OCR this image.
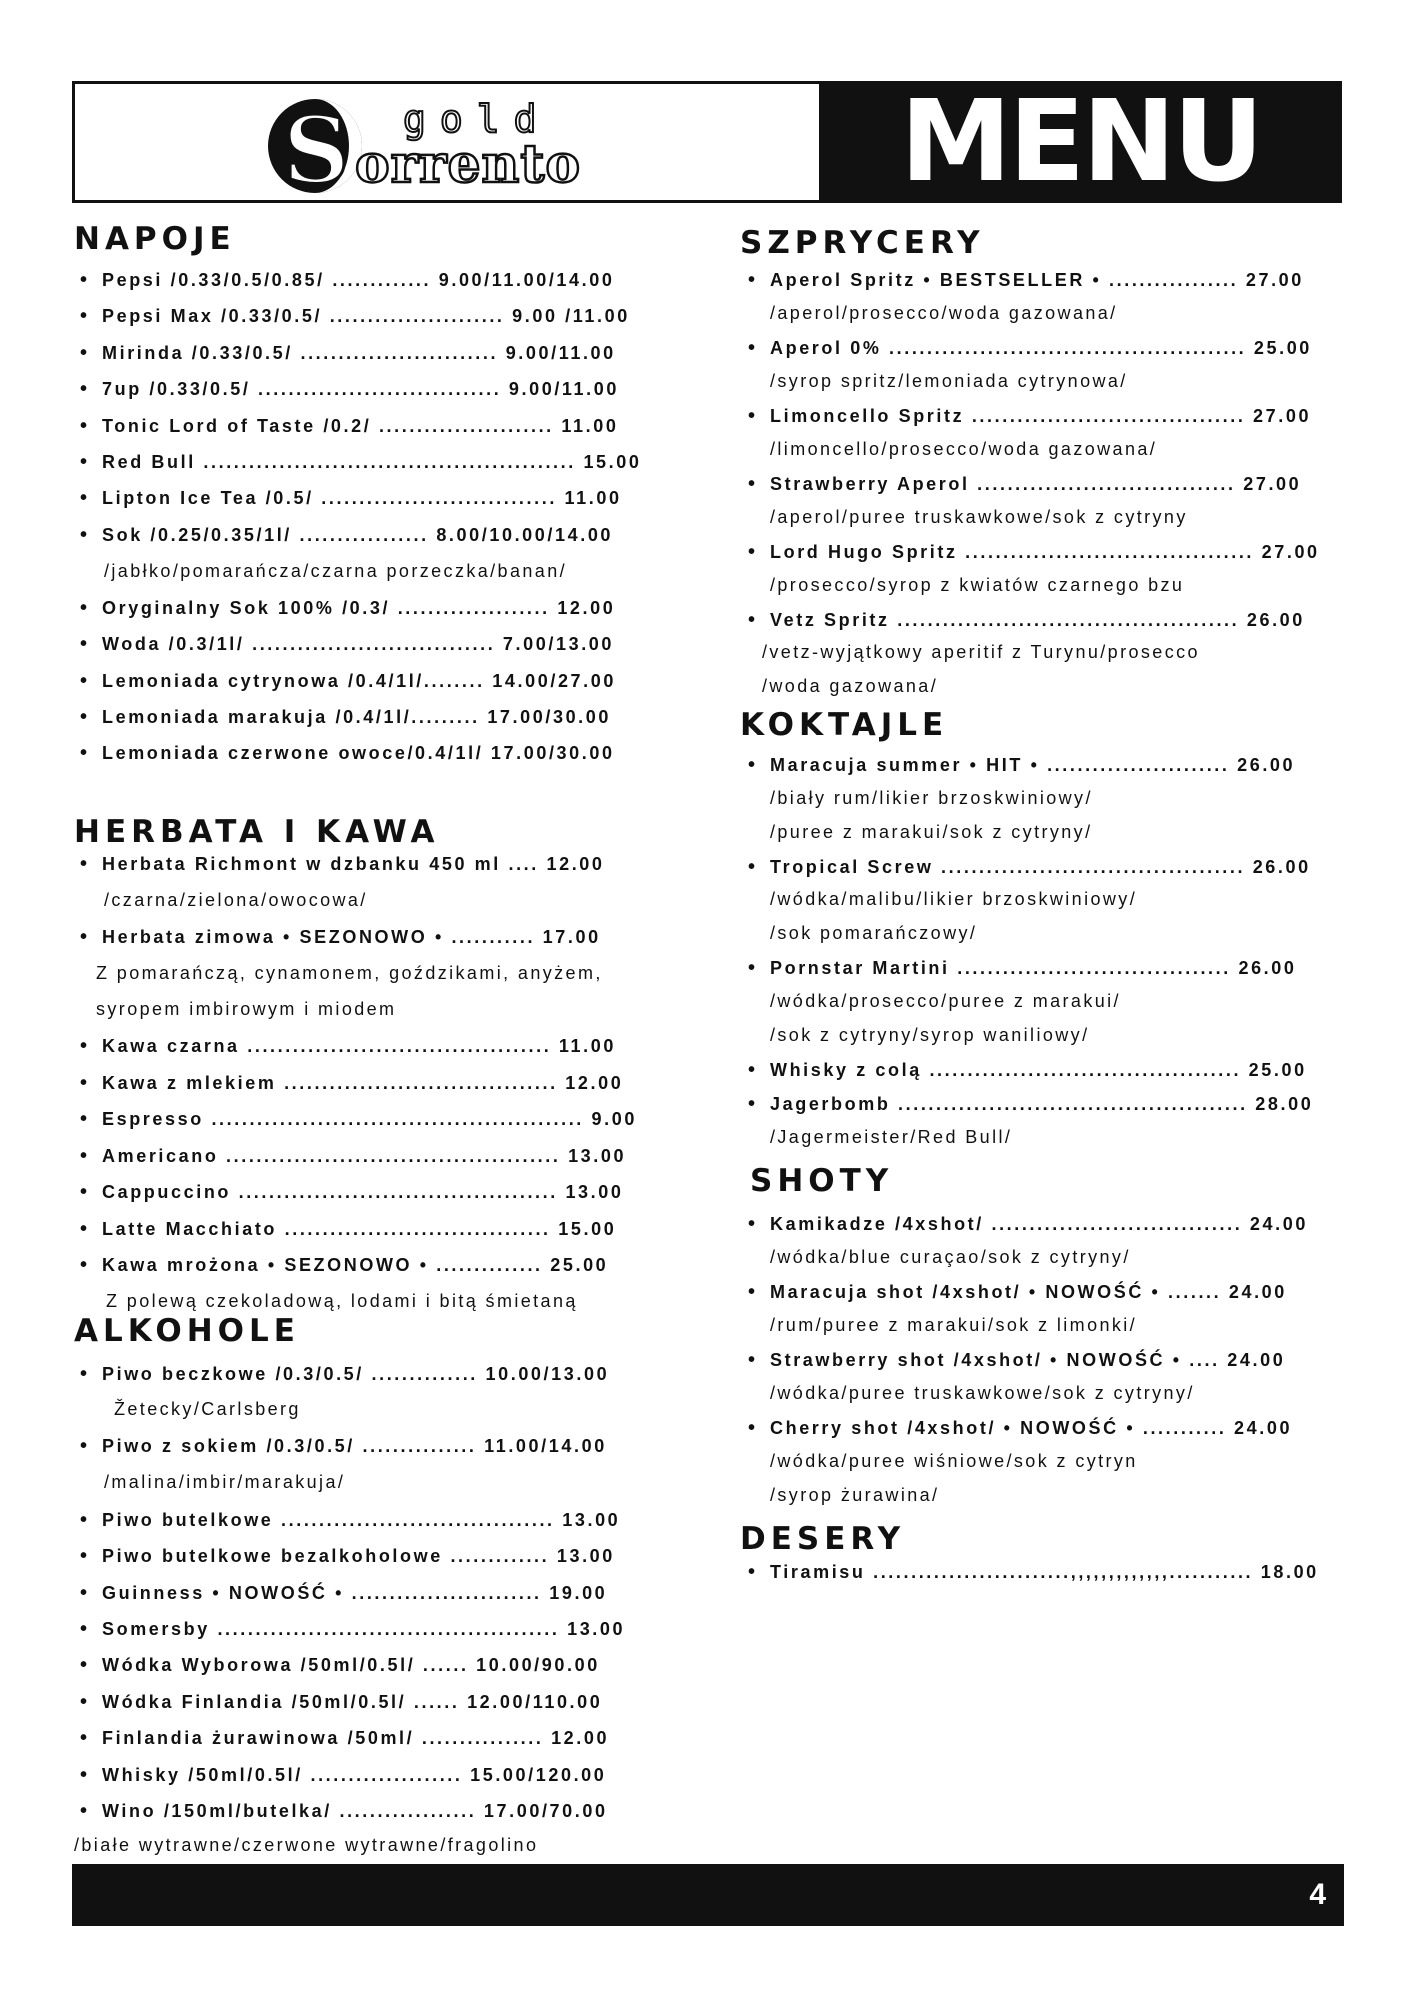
S gold
orrento	MENU
NAPOJE
• Pepsi /0.33/0.5/0.85/ ............. 9.00/11.00/14.00
• Pepsi Max /0.33/0.5/ ....................... 9.00 /11.00
• Mirinda /0.33/0.5/ .......................... 9.00/11.00
• 7up /0.33/0.5/ ................................ 9.00/11.00
• Tonic Lord of Taste /0.2/ ....................... 11.00
• Red Bull ................................................. 15.00
• Lipton Ice Tea /0.5/ ............................... 11.00
• Sok /0.25/0.35/1l/ ................. 8.00/10.00/14.00
/jabłko/pomarańcza/czarna porzeczka/banan/
• Oryginalny Sok 100% /0.3/ .................... 12.00
• Woda /0.3/1l/ ................................ 7.00/13.00
• Lemoniada cytrynowa /0.4/1l/........ 14.00/27.00
• Lemoniada marakuja /0.4/1l/......... 17.00/30.00
• Lemoniada czerwone owoce/0.4/1l/ 17.00/30.00
HERBATA I KAWA
• Herbata Richmont w dzbanku 450 ml .... 12.00
/czarna/zielona/owocowa/
• Herbata zimowa • SEZONOWO • ........... 17.00
Z pomarańczą, cynamonem, goździkami, anyżem,
syropem imbirowym i miodem
• Kawa czarna ........................................ 11.00
• Kawa z mlekiem .................................... 12.00
• Espresso ................................................. 9.00
• Americano ............................................ 13.00
• Cappuccino .......................................... 13.00
• Latte Macchiato ................................... 15.00
• Kawa mrożona • SEZONOWO • .............. 25.00
Z polewą czekoladową, lodami i bitą śmietaną
ALKOHOLE
• Piwo beczkowe /0.3/0.5/ .............. 10.00/13.00
Žetecky/Carlsberg
• Piwo z sokiem /0.3/0.5/ ............... 11.00/14.00
/malina/imbir/marakuja/
• Piwo butelkowe .................................... 13.00
• Piwo butelkowe bezalkoholowe ............. 13.00
• Guinness • NOWOŚĆ • ......................... 19.00
• Somersby ............................................. 13.00
• Wódka Wyborowa /50ml/0.5l/ ...... 10.00/90.00
• Wódka Finlandia /50ml/0.5l/ ...... 12.00/110.00
• Finlandia żurawinowa /50ml/ ................ 12.00
• Whisky /50ml/0.5l/ .................... 15.00/120.00
• Wino /150ml/butelka/ .................. 17.00/70.00
/białe wytrawne/czerwone wytrawne/fragolino
SZPRYCERY
• Aperol Spritz • BESTSELLER • ................. 27.00
/aperol/prosecco/woda gazowana/
• Aperol 0% ............................................... 25.00
/syrop spritz/lemoniada cytrynowa/
• Limoncello Spritz .................................... 27.00
/limoncello/prosecco/woda gazowana/
• Strawberry Aperol .................................. 27.00
/aperol/puree truskawkowe/sok z cytryny
• Lord Hugo Spritz ...................................... 27.00
/prosecco/syrop z kwiatów czarnego bzu
• Vetz Spritz ............................................. 26.00
/vetz-wyjątkowy aperitif z Turynu/prosecco
/woda gazowana/
KOKTAJLE
• Maracuja summer • HIT • ........................ 26.00
/biały rum/likier brzoskwiniowy/
/puree z marakui/sok z cytryny/
• Tropical Screw ........................................ 26.00
/wódka/malibu/likier brzoskwiniowy/
/sok pomarańczowy/
• Pornstar Martini .................................... 26.00
/wódka/prosecco/puree z marakui/
/sok z cytryny/syrop waniliowy/
• Whisky z colą ......................................... 25.00
• Jagerbomb .............................................. 28.00
/Jagermeister/Red Bull/
SHOTY
• Kamikadze /4xshot/ ................................. 24.00
/wódka/blue curaçao/sok z cytryny/
• Maracuja shot /4xshot/ • NOWOŚĆ • ....... 24.00
/rum/puree z marakui/sok z limonki/
• Strawberry shot /4xshot/ • NOWOŚĆ • .... 24.00
/wódka/puree truskawkowe/sok z cytryny/
• Cherry shot /4xshot/ • NOWOŚĆ • ........... 24.00
/wódka/puree wiśniowe/sok z cytryn
/syrop żurawina/
DESERY
• Tiramisu ..........................,,,,,,,,,,,,,........... 18.00
4
